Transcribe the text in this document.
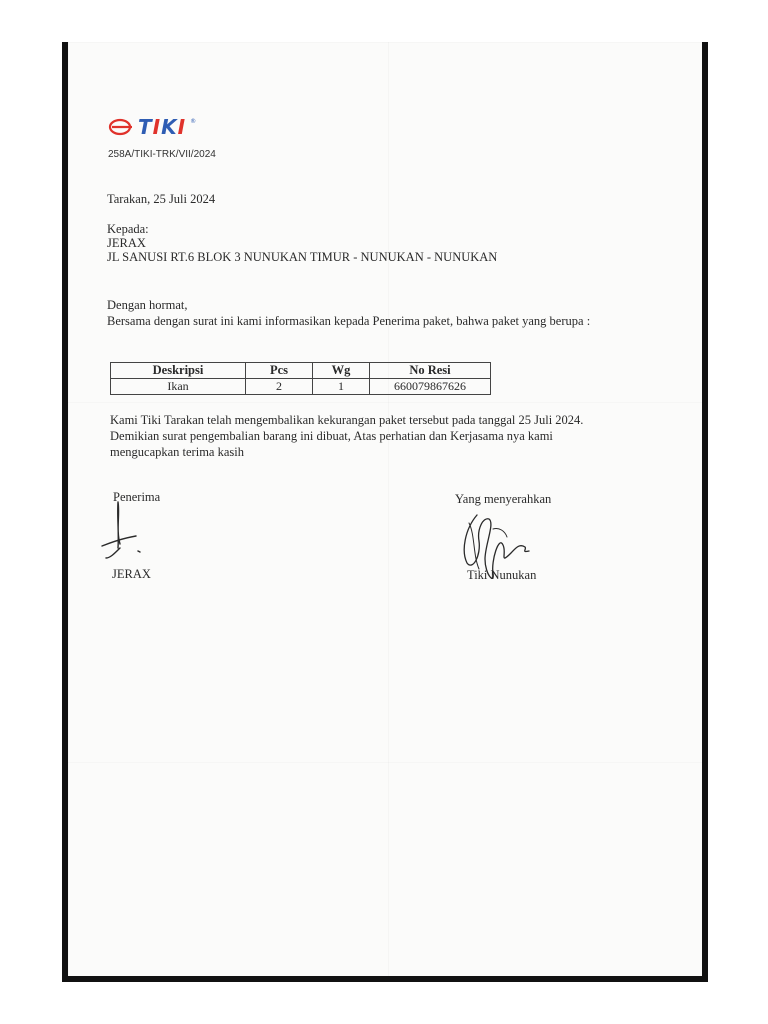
TIKI ®
258A/TIKI-TRK/VII/2024
Tarakan, 25 Juli 2024
Kepada:
JERAX
JL SANUSI RT.6 BLOK 3 NUNUKAN TIMUR - NUNUKAN - NUNUKAN
Dengan hormat,
Bersama dengan surat ini kami informasikan kepada Penerima paket, bahwa paket yang berupa :
Deskripsi	Pcs	Wg	No Resi
Ikan	2	1	660079867626
Kami Tiki Tarakan telah mengembalikan kekurangan paket tersebut pada tanggal 25 Juli 2024.
Demikian surat pengembalian barang ini dibuat, Atas perhatian dan Kerjasama nya kami
mengucapkan terima kasih
Penerima
JERAX
Yang menyerahkan
Tiki Nunukan
